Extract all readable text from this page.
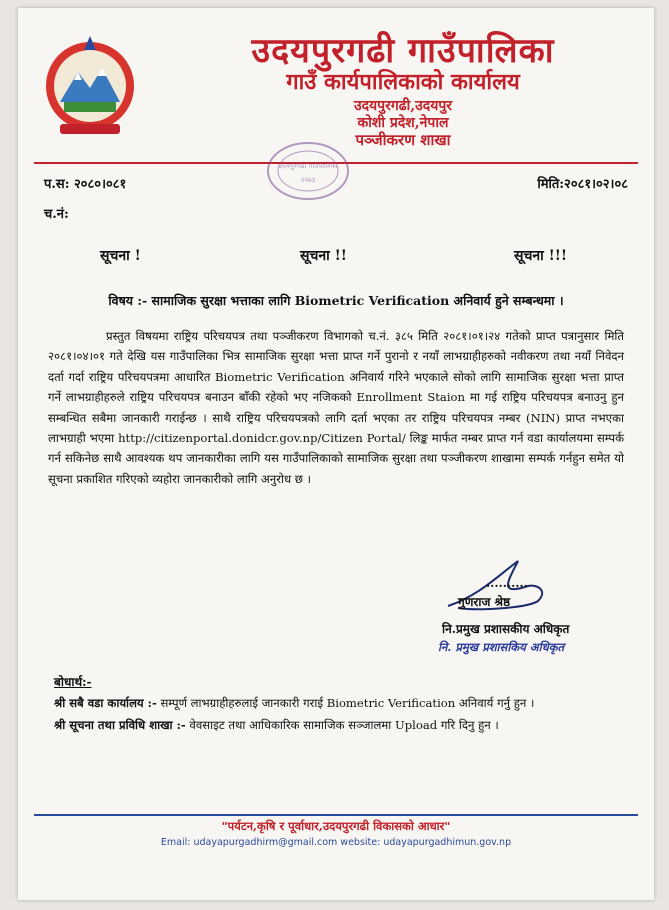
उदयपुरगढी गाउँपालिका
गाउँ कार्यपालिकाको कार्यालय
उदयपुरगढी,उदयपुर
कोशी प्रदेश,नेपाल
पञ्जीकरण शाखा
उदयपुरगढी गाउँपालिका
२०७३
प.स: २०८०।०८१	मिति:२०८१।०२।०८
च.नं:
सूचना !	सूचना !!	सूचना !!!
विषय :- सामाजिक सुरक्षा भत्ताका लागि Biometric Verification अनिवार्य हुने सम्बन्धमा ।
प्रस्तुत विषयमा राष्ट्रिय परिचयपत्र तथा पञ्जीकरण विभागको च.नं. ३८५ मिति २०८१।०१।२४ गतेको प्राप्त पत्रानुसार मिति २०८१।०४।०१ गते देखि यस गाउँपालिका भित्र सामाजिक सुरक्षा भत्ता प्राप्त गर्ने पुरानो र नयाँ लाभग्राहीहरुको नवीकरण तथा नयाँ निवेदन दर्ता गर्दा राष्ट्रिय परिचयपत्रमा आधारित Biometric Verification अनिवार्य गरिने भएकाले सोको लागि सामाजिक सुरक्षा भत्ता प्राप्त गर्ने लाभग्राहीहरुले राष्ट्रिय परिचयपत्र बनाउन बाँकी रहेको भए नजिकको Enrollment Staion मा गई राष्ट्रिय परिचयपत्र बनाउनु हुन सम्बन्धित सबैमा जानकारी गराईन्छ । साथै राष्ट्रिय परिचयपत्रको लागि दर्ता भएका तर राष्ट्रिय परिचयपत्र नम्बर (NIN) प्राप्त नभएका लाभग्राही भएमा http://citizenportal.donidcr.gov.np/Citizen Portal/ लिङ्क मार्फत नम्बर प्राप्त गर्न वडा कार्यालयमा सम्पर्क गर्न सकिनेछ साथै आवश्यक थप जानकारीका लागि यस गाउँपालिकाको सामाजिक सुरक्षा तथा पञ्जीकरण शाखामा सम्पर्क गर्नहुन समेत यो सूचना प्रकाशित गरिएको व्यहोरा जानकारीको लागि अनुरोध छ ।
..........
गुणराज श्रेष्ठ
नि.प्रमुख प्रशासकीय अधिकृत
नि. प्रमुख प्रशासकिय अधिकृत
बोधार्थ:-
श्री सबै वडा कार्यालय :- सम्पूर्ण लाभग्राहीहरुलाई जानकारी गराई Biometric Verification अनिवार्य गर्नु हुन ।
श्री सूचना तथा प्रविधि शाखा :- वेवसाइट तथा आधिकारिक सामाजिक सञ्जालमा Upload गरि दिनु हुन ।
"पर्यटन,कृषि र पूर्वाधार,उदयपुरगढी विकासको आधार"
Email: udayapurgadhirm@gmail.com website: udayapurgadhimun.gov.np
